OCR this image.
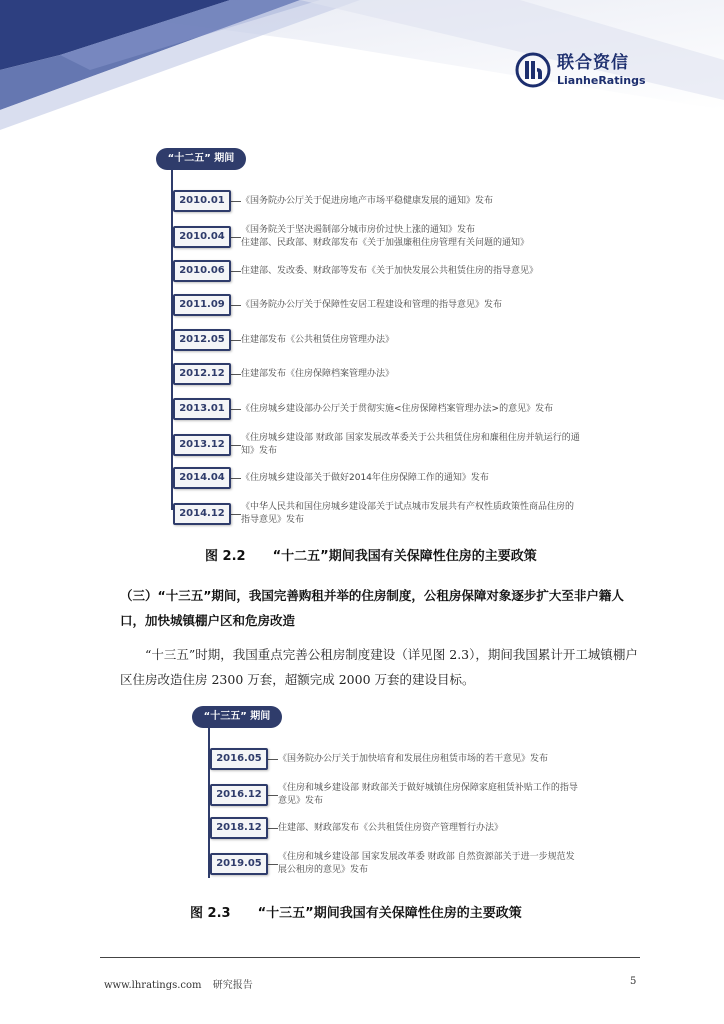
联合资信
LianheRatings
“十二五” 期间
2010.01	《国务院办公厅关于促进房地产市场平稳健康发展的通知》发布
2010.04
《国务院关于坚决遏制部分城市房价过快上涨的通知》发布
住建部、民政部、财政部发布《关于加强廉租住房管理有关问题的通知》
2010.06	住建部、发改委、财政部等发布《关于加快发展公共租赁住房的指导意见》
2011.09	《国务院办公厅关于保障性安居工程建设和管理的指导意见》发布
2012.05	住建部发布《公共租赁住房管理办法》
2012.12	住建部发布《住房保障档案管理办法》
2013.01	《住房城乡建设部办公厅关于贯彻实施<住房保障档案管理办法>的意见》发布
2013.12
《住房城乡建设部 财政部 国家发展改革委关于公共租赁住房和廉租住房并轨运行的通知》发布
2014.04	《住房城乡建设部关于做好2014年住房保障工作的通知》发布
2014.12
《中华人民共和国住房城乡建设部关于试点城市发展共有产权性质政策性商品住房的指导意见》发布
图 2.2 “十二五”期间我国有关保障性住房的主要政策
（三）“十三五”期间，我国完善购租并举的住房制度，公租房保障对象逐步扩大至非户籍人口，加快城镇棚户区和危房改造
“十三五”时期，我国重点完善公租房制度建设（详见图 2.3），期间我国累计开工城镇棚户区住房改造住房 2300 万套，超额完成 2000 万套的建设目标。
“十三五” 期间
2016.05	《国务院办公厅关于加快培育和发展住房租赁市场的若干意见》发布
2016.12
《住房和城乡建设部 财政部关于做好城镇住房保障家庭租赁补贴工作的指导意见》发布
2018.12	住建部、财政部发布《公共租赁住房资产管理暂行办法》
2019.05
《住房和城乡建设部 国家发展改革委 财政部 自然资源部关于进一步规范发展公租房的意见》发布
图 2.3 “十三五”期间我国有关保障性住房的主要政策
www.lhratings.com 研究报告	5
